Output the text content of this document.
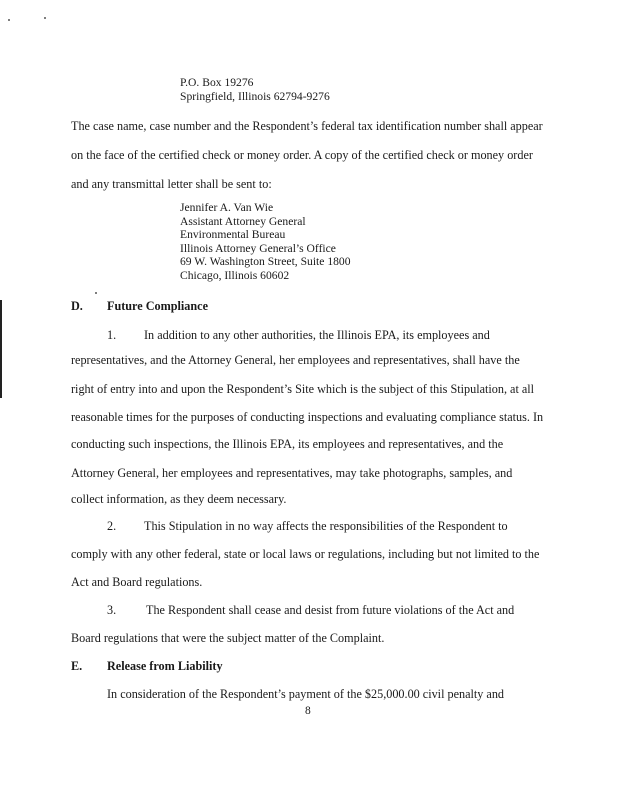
P.O. Box 19276
Springfield, Illinois 62794-9276
The case name, case number and the Respondent’s federal tax identification number shall appear
on the face of the certified check or money order. A copy of the certified check or money order
and any transmittal letter shall be sent to:
Jennifer A. Van Wie
Assistant Attorney General
Environmental Bureau
Illinois Attorney General’s Office
69 W. Washington Street, Suite 1800
Chicago, Illinois 60602
D. Future Compliance
1. In addition to any other authorities, the Illinois EPA, its employees and
representatives, and the Attorney General, her employees and representatives, shall have the
right of entry into and upon the Respondent’s Site which is the subject of this Stipulation, at all
reasonable times for the purposes of conducting inspections and evaluating compliance status. In
conducting such inspections, the Illinois EPA, its employees and representatives, and the
Attorney General, her employees and representatives, may take photographs, samples, and
collect information, as they deem necessary.
2. This Stipulation in no way affects the responsibilities of the Respondent to
comply with any other federal, state or local laws or regulations, including but not limited to the
Act and Board regulations.
3. The Respondent shall cease and desist from future violations of the Act and
Board regulations that were the subject matter of the Complaint.
E. Release from Liability
In consideration of the Respondent’s payment of the $25,000.00 civil penalty and
8
